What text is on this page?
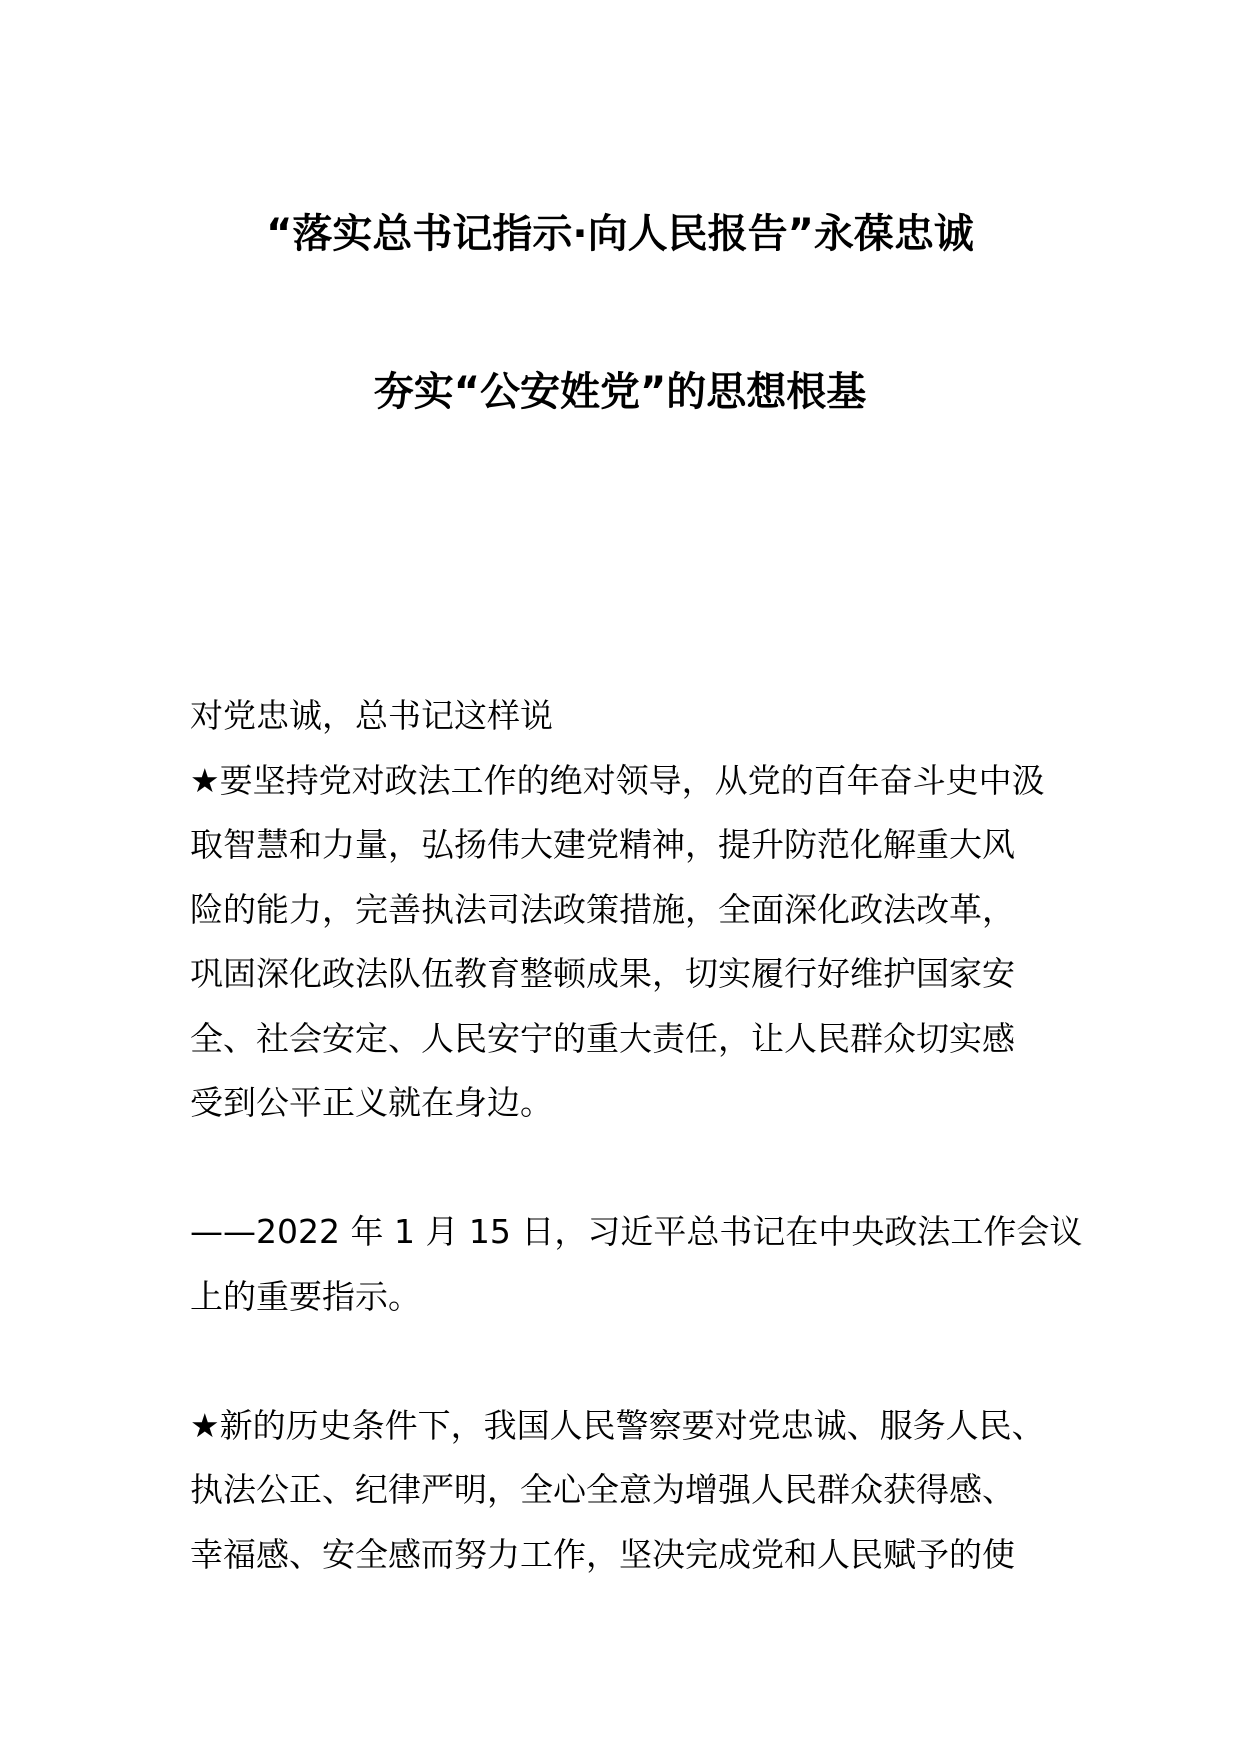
“落实总书记指示·向人民报告”永葆忠诚
夯实“公安姓党”的思想根基
对党忠诚，总书记这样说
★要坚持党对政法工作的绝对领导，从党的百年奋斗史中汲
取智慧和力量，弘扬伟大建党精神，提升防范化解重大风
险的能力，完善执法司法政策措施，全面深化政法改革，
巩固深化政法队伍教育整顿成果，切实履行好维护国家安
全、社会安定、人民安宁的重大责任，让人民群众切实感
受到公平正义就在身边。
——2022 年 1 月 15 日，习近平总书记在中央政法工作会议
上的重要指示。
★新的历史条件下，我国人民警察要对党忠诚、服务人民、
执法公正、纪律严明，全心全意为增强人民群众获得感、
幸福感、安全感而努力工作，坚决完成党和人民赋予的使
